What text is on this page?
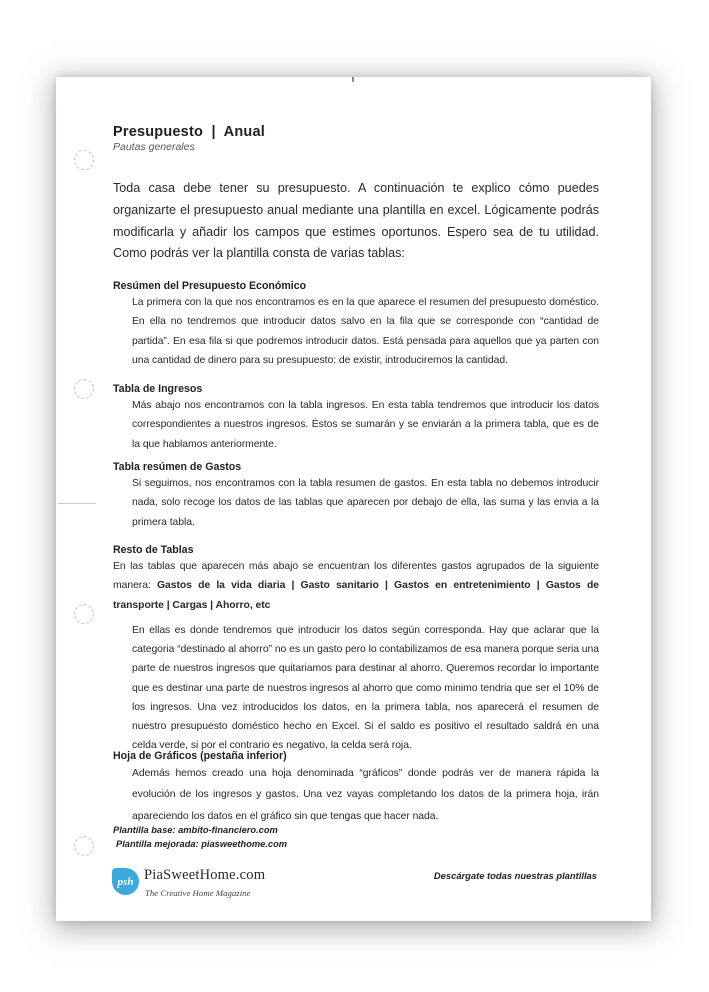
Presupuesto  |  Anual
Pautas generales
Toda casa debe tener su presupuesto. A continuación te explico cómo puedes organizarte el presupuesto anual mediante una plantilla en excel. Lógicamente podrás modificarla y añadir los campos que estimes oportunos. Espero sea de tu utilidad. Como podrás ver la plantilla consta de varias tablas:
Resúmen del Presupuesto Económico
La primera con la que nos encontramos es en la que aparece el resumen del presupuesto doméstico. En ella no tendremos que introducir datos salvo en la fila que se corresponde con “cantidad de partida”. En esa fila si que podremos introducir datos. Está pensada para aquellos que ya parten con una cantidad de dinero para su presupuesto: de existir, introduciremos la cantidad.
Tabla de Ingresos
Más abajo nos encontramos con la tabla ingresos. En esta tabla tendremos que introducir los datos correspondientes a nuestros ingresos. Éstos se sumarán y se enviarán a la primera tabla, que es de la que hablamos anteriormente.
Tabla resúmen de Gastos
Si seguimos, nos encontramos con la tabla resumen de gastos. En esta tabla no debemos introducir nada, solo recoge los datos de las tablas que aparecen por debajo de ella, las suma y las envia a la primera tabla.
Resto de Tablas
En las tablas que aparecen más abajo se encuentran los diferentes gastos agrupados de la siguiente manera: Gastos de la vida diaria | Gasto sanitario | Gastos en entretenimiento | Gastos de transporte | Cargas | Ahorro, etc
En ellas es donde tendremos que introducir los datos según corresponda. Hay que aclarar que la categoria “destinado al ahorro” no es un gasto pero lo contabilizamos de esa manera porque seria una parte de nuestros ingresos que quitariamos para destinar al ahorro. Queremos recordar lo importante que es destinar una parte de nuestros ingresos al ahorro que como minimo tendria que ser el 10% de los ingresos. Una vez introducidos los datos, en la primera tabla, nos aparecerá el resumen de nuestro presupuesto doméstico hecho en Excel. Si el saldo es positivo el resultado saldrá en una celda verde, si por el contrario es negativo, la celda será roja.
Hoja de Gráficos (pestaña inferior)
Además hemos creado una hoja denominada “gráficos” donde podrás ver de manera rápida la evolución de los ingresos y gastos. Una vez vayas completando los datos de la primera hoja, irán apareciendo los datos en el gráfico sin que tengas que hacer nada.
Plantilla base: ambito-financiero.com
Plantilla mejorada: piasweethome.com
psh PiaSweetHome.com
The Creative Home Magazine
Descárgate todas nuestras plantillas
